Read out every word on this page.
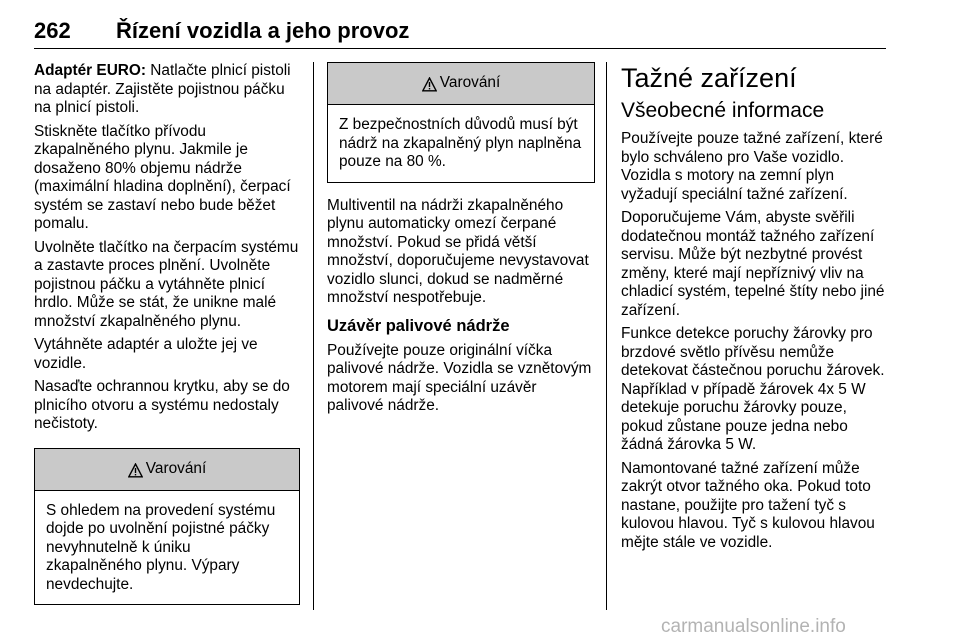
262 Řízení vozidla a jeho provoz

Adaptér EURO: Natlačte plnicí pistoli na adaptér. Zajistěte pojistnou páčku na plnicí pistoli.

Stiskněte tlačítko přívodu zkapalněného plynu. Jakmile je dosaženo 80% objemu nádrže (maximální hladina doplnění), čerpací systém se zastaví nebo bude běžet pomalu.

Uvolněte tlačítko na čerpacím systému a zastavte proces plnění. Uvolněte pojistnou páčku a vytáhněte plnicí hrdlo. Může se stát, že unikne malé množství zkapalněného plynu.

Vytáhněte adaptér a uložte jej ve vozidle.

Nasaďte ochrannou krytku, aby se do plnicího otvoru a systému nedostaly nečistoty.

Varování
S ohledem na provedení systému dojde po uvolnění pojistné páčky nevyhnutelně k úniku zkapalněného plynu. Výpary nevdechujte.
Varování
Z bezpečnostních důvodů musí být nádrž na zkapalněný plyn naplněna pouze na 80 %.

Multiventil na nádrži zkapalněného plynu automaticky omezí čerpané množství. Pokud se přidá větší množství, doporučujeme nevystavovat vozidlo slunci, dokud se nadměrné množství nespotřebuje.

Uzávěr palivové nádrže

Používejte pouze originální víčka palivové nádrže. Vozidla se vznětovým motorem mají speciální uzávěr palivové nádrže.

Tažné zařízení
Všeobecné informace

Používejte pouze tažné zařízení, které bylo schváleno pro Vaše vozidlo. Vozidla s motory na zemní plyn vyžadují speciální tažné zařízení.

Doporučujeme Vám, abyste svěřili dodatečnou montáž tažného zařízení servisu. Může být nezbytné provést změny, které mají nepříznivý vliv na chladicí systém, tepelné štíty nebo jiné zařízení.

Funkce detekce poruchy žárovky pro brzdové světlo přívěsu nemůže detekovat částečnou poruchu žárovek. Například v případě žárovek 4x 5 W detekuje poruchu žárovky pouze, pokud zůstane pouze jedna nebo žádná žárovka 5 W.

Namontované tažné zařízení může zakrýt otvor tažného oka. Pokud toto nastane, použijte pro tažení tyč s kulovou hlavou. Tyč s kulovou hlavou mějte stále ve vozidle.

carmanualsonline.info
